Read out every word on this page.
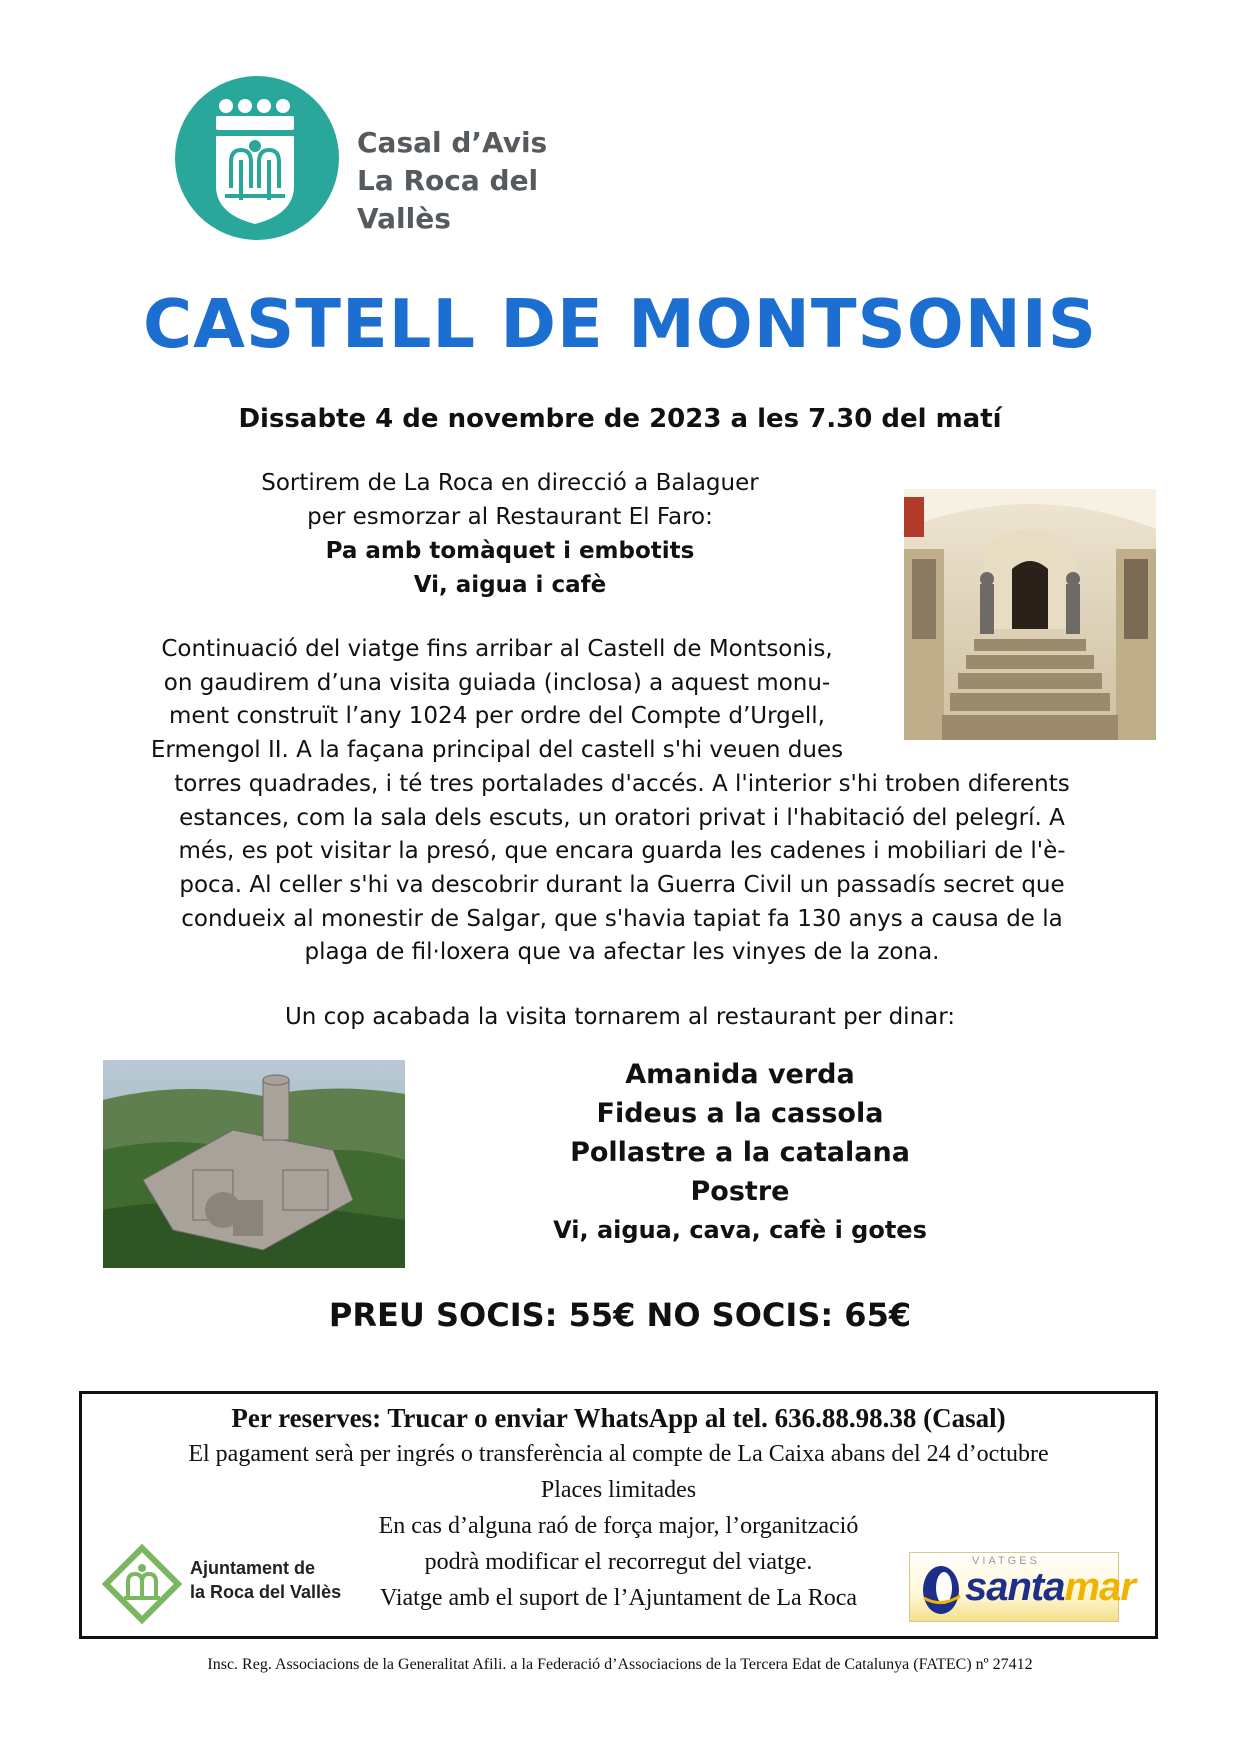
Casal d’Avis
La Roca del Vallès
CASTELL DE MONTSONIS
Dissabte 4 de novembre de 2023 a les 7.30 del matí
Sortirem de La Roca en direcció a Balaguer
per esmorzar al Restaurant El Faro:
Pa amb tomàquet i embotits
Vi, aigua i cafè
Continuació del viatge fins arribar al Castell de Montsonis,
on gaudirem d’una visita guiada (inclosa) a aquest monu-
ment construït l’any 1024 per ordre del Compte d’Urgell,
Ermengol II. A la façana principal del castell s'hi veuen dues
torres quadrades, i té tres portalades d'accés. A l'interior s'hi troben diferents
estances, com la sala dels escuts, un oratori privat i l'habitació del pelegrí. A
més, es pot visitar la presó, que encara guarda les cadenes i mobiliari de l'è-
poca. Al celler s'hi va descobrir durant la Guerra Civil un passadís secret que
condueix al monestir de Salgar, que s'havia tapiat fa 130 anys a causa de la
plaga de fil·loxera que va afectar les vinyes de la zona.
Un cop acabada la visita tornarem al restaurant per dinar:
Amanida verda
Fideus a la cassola
Pollastre a la catalana
Postre
Vi, aigua, cava, cafè i gotes
PREU SOCIS: 55€ NO SOCIS: 65€
Per reserves: Trucar o enviar WhatsApp al tel. 636.88.98.38 (Casal)
El pagament serà per ingrés o transferència al compte de La Caixa abans del 24 d’octubre
Places limitades
En cas d’alguna raó de força major, l’organització
podrà modificar el recorregut del viatge.
Viatge amb el suport de l’Ajuntament de La Roca
Ajuntament de
la Roca del Vallès
VIATGES
santamar
Insc. Reg. Associacions de la Generalitat Afili. a la Federació d’Associacions de la Tercera Edat de Catalunya (FATEC) nº 27412
